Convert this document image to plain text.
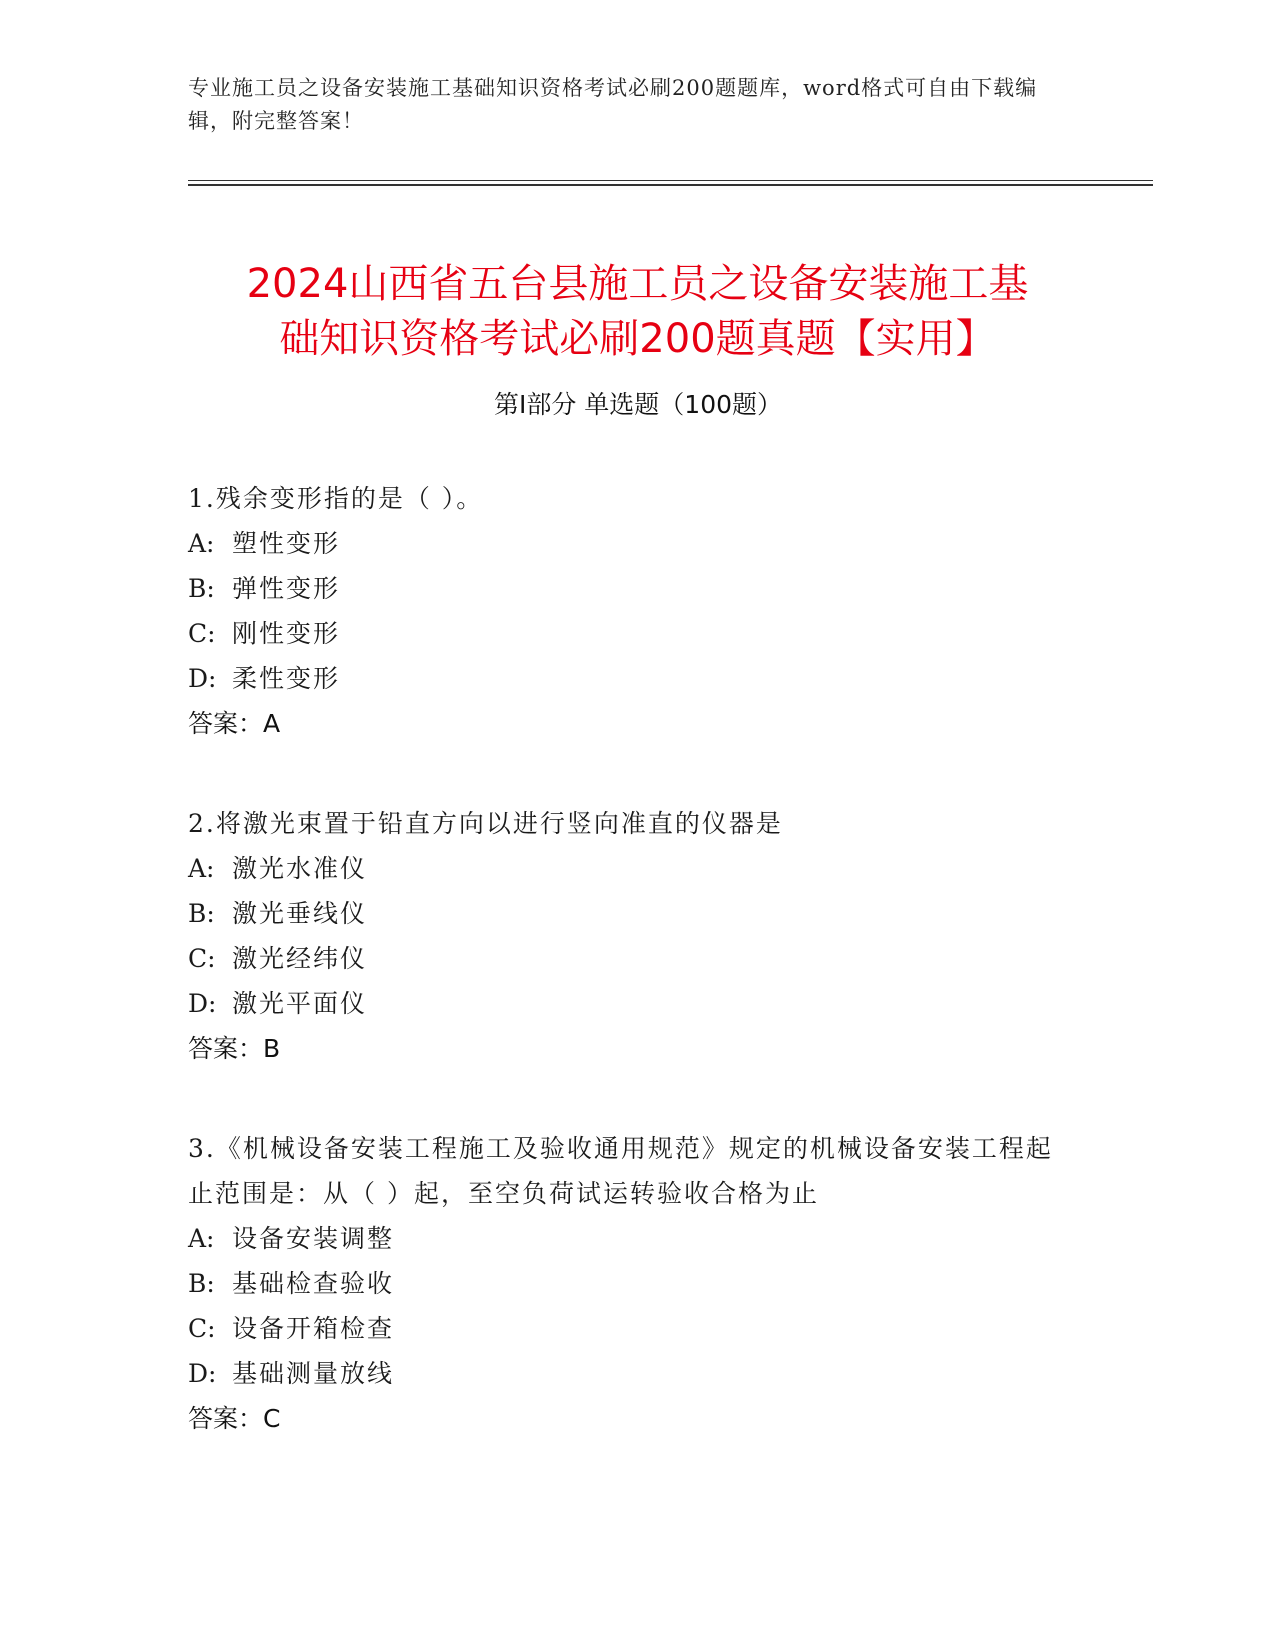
专业施工员之设备安装施工基础知识资格考试必刷200题题库，word格式可自由下载编辑，附完整答案！
2024山西省五台县施工员之设备安装施工基
础知识资格考试必刷200题真题【实用】
第I部分 单选题（100题）
1.残余变形指的是（ ）。
A: 塑性变形
B: 弹性变形
C: 刚性变形
D: 柔性变形
答案：A
2.将激光束置于铅直方向以进行竖向准直的仪器是
A: 激光水准仪
B: 激光垂线仪
C: 激光经纬仪
D: 激光平面仪
答案：B
3.《机械设备安装工程施工及验收通用规范》规定的机械设备安装工程起止范围是：从（ ）起，至空负荷试运转验收合格为止
A: 设备安装调整
B: 基础检查验收
C: 设备开箱检查
D: 基础测量放线
答案：C
